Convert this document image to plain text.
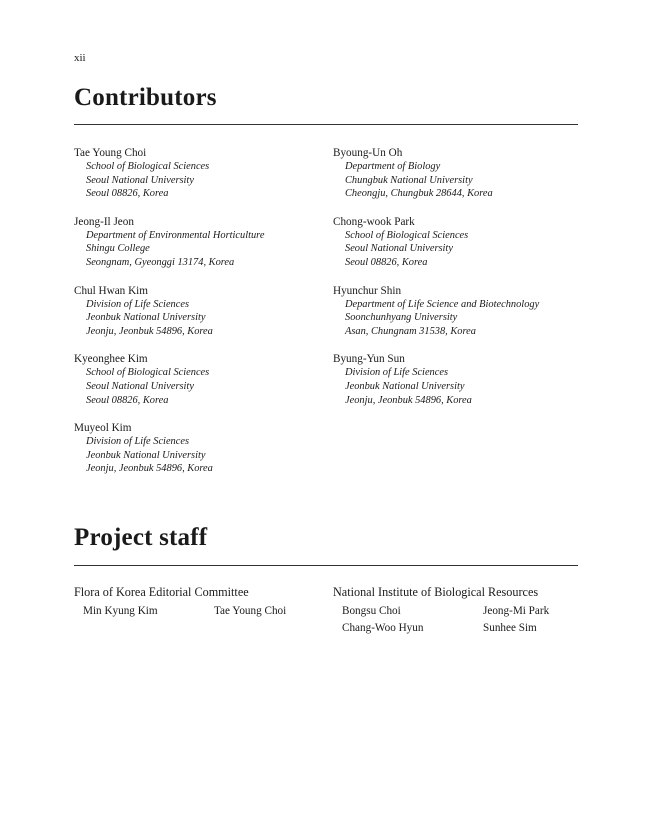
xii
Contributors
Tae Young Choi
School of Biological Sciences
Seoul National University
Seoul 08826, Korea
Jeong-Il Jeon
Department of Environmental Horticulture
Shingu College
Seongnam, Gyeonggi 13174, Korea
Chul Hwan Kim
Division of Life Sciences
Jeonbuk National University
Jeonju, Jeonbuk 54896, Korea
Kyeonghee Kim
School of Biological Sciences
Seoul National University
Seoul 08826, Korea
Muyeol Kim
Division of Life Sciences
Jeonbuk National University
Jeonju, Jeonbuk 54896, Korea
Byoung-Un Oh
Department of Biology
Chungbuk National University
Cheongju, Chungbuk 28644, Korea
Chong-wook Park
School of Biological Sciences
Seoul National University
Seoul 08826, Korea
Hyunchur Shin
Department of Life Science and Biotechnology
Soonchunhyang University
Asan, Chungnam 31538, Korea
Byung-Yun Sun
Division of Life Sciences
Jeonbuk National University
Jeonju, Jeonbuk 54896, Korea
Project staff
Flora of Korea Editorial Committee
Min Kyung Kim	Tae Young Choi
National Institute of Biological Resources
Bongsu Choi	Jeong-Mi Park
Chang-Woo Hyun	Sunhee Sim
